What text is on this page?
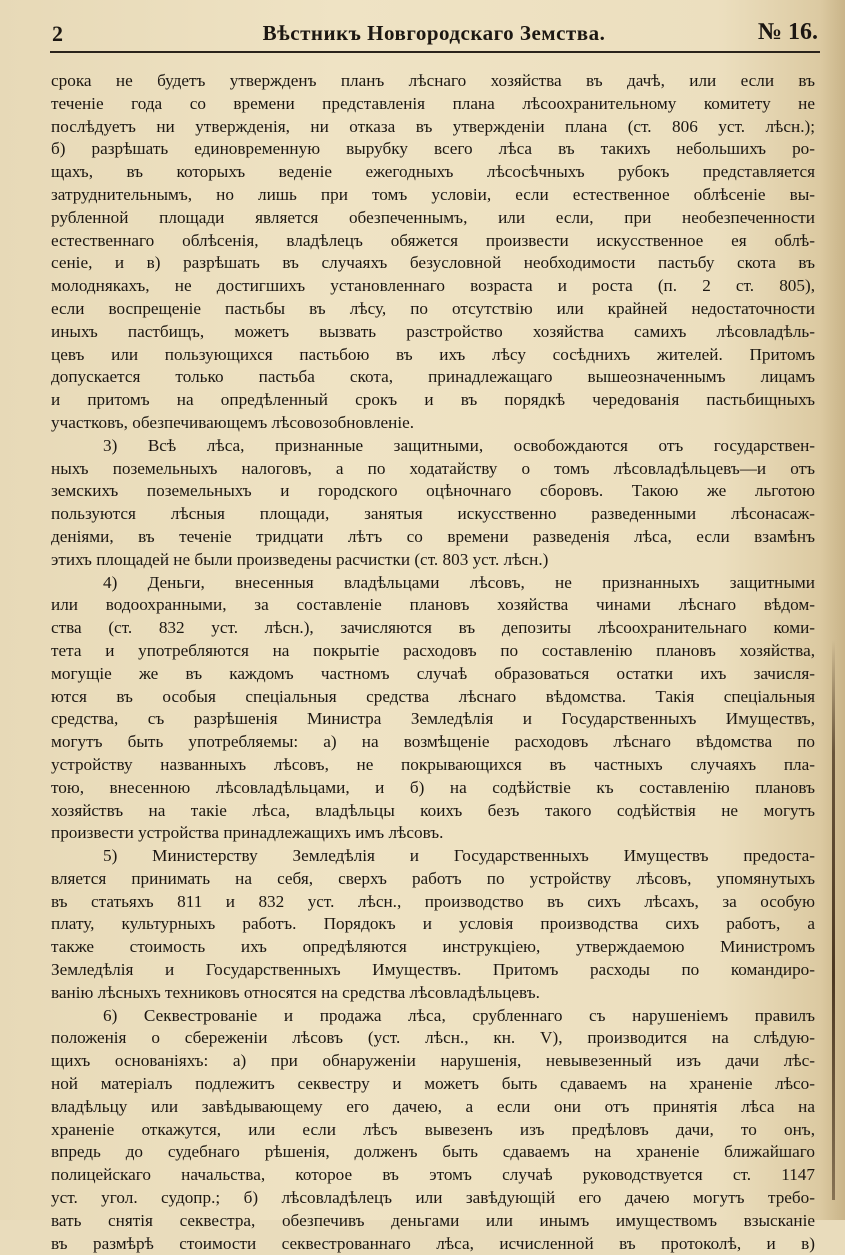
2	Вѣстникъ Новгородскаго Земства.	№ 16.
срока не будетъ утвержденъ планъ лѣснаго хозяйства въ дачѣ, или если въ
теченіе года со времени представленія плана лѣсоохранительному комитету не
послѣдуетъ ни утвержденія, ни отказа въ утвержденіи плана (ст. 806 уст. лѣсн.);
б) разрѣшать единовременную вырубку всего лѣса въ такихъ небольшихъ ро-
щахъ, въ которыхъ веденіе ежегодныхъ лѣсосѣчныхъ рубокъ представляется
затруднительнымъ, но лишь при томъ условіи, если естественное облѣсеніе вы-
рубленной площади является обезпеченнымъ, или если, при необезпеченности
естественнаго облѣсенія, владѣлецъ обяжется произвести искусственное ея облѣ-
сеніе, и в) разрѣшать въ случаяхъ безусловной необходимости пастьбу скота въ
молоднякахъ, не достигшихъ установленнаго возраста и роста (п. 2 ст. 805),
если воспрещеніе пастьбы въ лѣсу, по отсутствію или крайней недостаточности
иныхъ пастбищъ, можетъ вызвать разстройство хозяйства самихъ лѣсовладѣль-
цевъ или пользующихся пастьбою въ ихъ лѣсу сосѣднихъ жителей. Притомъ
допускается только пастьба скота, принадлежащаго вышеозначеннымъ лицамъ
и притомъ на опредѣленный срокъ и въ порядкѣ чередованія пастьбищныхъ
участковъ, обезпечивающемъ лѣсовозобновленіе.
3) Всѣ лѣса, признанные защитными, освобождаются отъ государствен-
ныхъ поземельныхъ налоговъ, а по ходатайству о томъ лѣсовладѣльцевъ—и отъ
земскихъ поземельныхъ и городского оцѣночнаго сборовъ. Такою же льготою
пользуются лѣсныя площади, занятыя искусственно разведенными лѣсонасаж-
деніями, въ теченіе тридцати лѣтъ со времени разведенія лѣса, если взамѣнъ
этихъ площадей не были произведены расчистки (ст. 803 уст. лѣсн.)
4) Деньги, внесенныя владѣльцами лѣсовъ, не признанныхъ защитными
или водоохранными, за составленіе плановъ хозяйства чинами лѣснаго вѣдом-
ства (ст. 832 уст. лѣсн.), зачисляются въ депозиты лѣсоохранительнаго коми-
тета и употребляются на покрытіе расходовъ по составленію плановъ хозяйства,
могущіе же въ каждомъ частномъ случаѣ образоваться остатки ихъ зачисля-
ются въ особыя спеціальныя средства лѣснаго вѣдомства. Такія спеціальныя
средства, съ разрѣшенія Министра Земледѣлія и Государственныхъ Имуществъ,
могутъ быть употребляемы: а) на возмѣщеніе расходовъ лѣснаго вѣдомства по
устройству названныхъ лѣсовъ, не покрывающихся въ частныхъ случаяхъ пла-
тою, внесенною лѣсовладѣльцами, и б) на содѣйствіе къ составленію плановъ
хозяйствъ на такіе лѣса, владѣльцы коихъ безъ такого содѣйствія не могутъ
произвести устройства принадлежащихъ имъ лѣсовъ.
5) Министерству Земледѣлія и Государственныхъ Имуществъ предоста-
вляется принимать на себя, сверхъ работъ по устройству лѣсовъ, упомянутыхъ
въ статьяхъ 811 и 832 уст. лѣсн., производство въ сихъ лѣсахъ, за особую
плату, культурныхъ работъ. Порядокъ и условія производства сихъ работъ, а
также стоимость ихъ опредѣляются инструкціею, утверждаемою Министромъ
Земледѣлія и Государственныхъ Имуществъ. Притомъ расходы по командиро-
ванію лѣсныхъ техниковъ относятся на средства лѣсовладѣльцевъ.
6) Секвестрованіе и продажа лѣса, срубленнаго съ нарушеніемъ правилъ
положенія о сбереженіи лѣсовъ (уст. лѣсн., кн. V), производится на слѣдую-
щихъ основаніяхъ: а) при обнаруженіи нарушенія, невывезенный изъ дачи лѣс-
ной матеріалъ подлежитъ секвестру и можетъ быть сдаваемъ на храненіе лѣсо-
владѣльцу или завѣдывающему его дачею, а если они отъ принятія лѣса на
храненіе откажутся, или если лѣсъ вывезенъ изъ предѣловъ дачи, то онъ,
впредь до судебнаго рѣшенія, долженъ быть сдаваемъ на храненіе ближайшаго
полицейскаго начальства, которое въ этомъ случаѣ руководствуется ст. 1147
уст. угол. судопр.; б) лѣсовладѣлецъ или завѣдующій его дачею могутъ требо-
вать снятія секвестра, обезпечивъ деньгами или инымъ имуществомъ взысканіе
въ размѣрѣ стоимости секвестрованнаго лѣса, исчисленной въ протоколѣ, и в)
